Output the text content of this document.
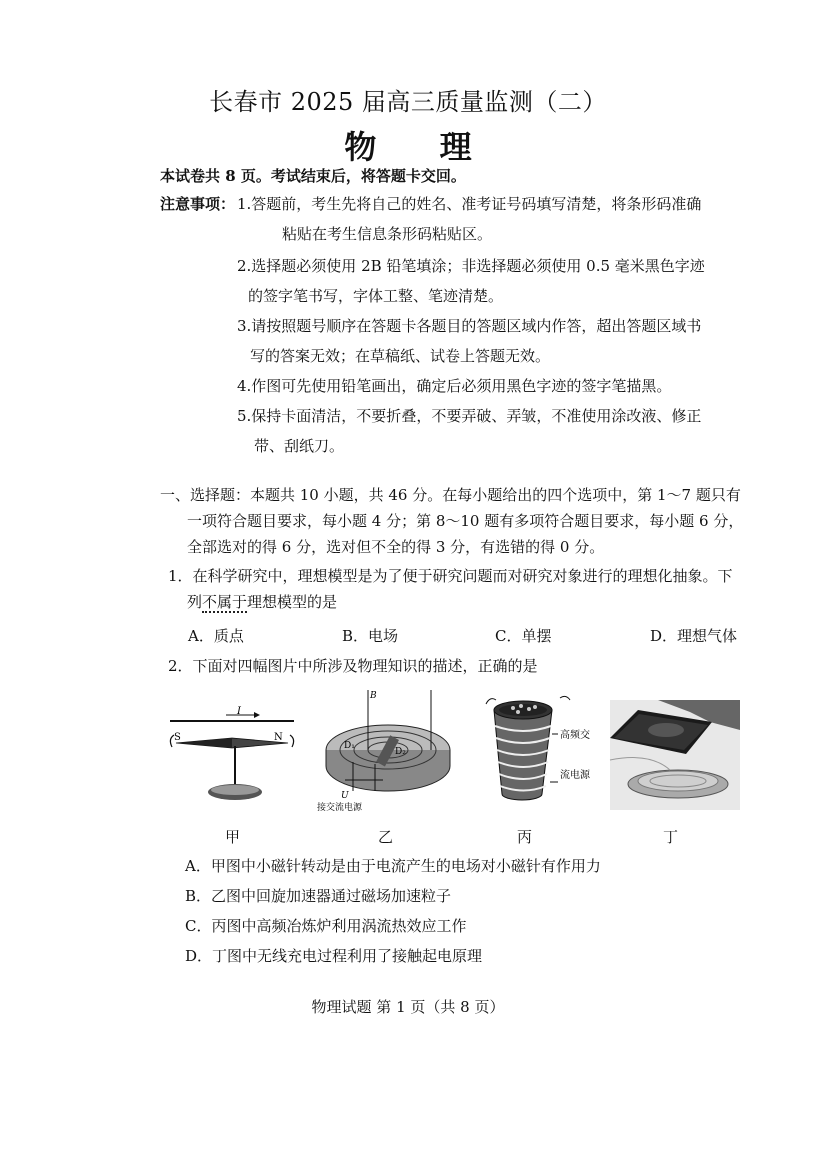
长春市 2025 届高三质量监测（二）
物 理
本试卷共 8 页。考试结束后，将答题卡交回。
注意事项： 1.答题前，考生先将自己的姓名、准考证号码填写清楚，将条形码准确
粘贴在考生信息条形码粘贴区。
2.选择题必须使用 2B 铅笔填涂；非选择题必须使用 0.5 毫米黑色字迹
的签字笔书写，字体工整、笔迹清楚。
3.请按照题号顺序在答题卡各题目的答题区域内作答，超出答题区域书
写的答案无效；在草稿纸、试卷上答题无效。
4.作图可先使用铅笔画出，确定后必须用黑色字迹的签字笔描黑。
5.保持卡面清洁，不要折叠，不要弄破、弄皱，不准使用涂改液、修正
带、刮纸刀。
一、选择题：本题共 10 小题，共 46 分。在每小题给出的四个选项中，第 1～7 题只有
一项符合题目要求，每小题 4 分；第 8～10 题有多项符合题目要求，每小题 6 分，
全部选对的得 6 分，选对但不全的得 3 分，有选错的得 0 分。
1．在科学研究中，理想模型是为了便于研究问题而对研究对象进行的理想化抽象。下
列不属于理想模型的是
A．质点	B．电场	C．单摆	D．理想气体
2．下面对四幅图片中所涉及物理知识的描述，正确的是
I
S	N
甲
B
D₁
D₂
U
接交流电源
乙
高频交
流电源
丙	丁
A．甲图中小磁针转动是由于电流产生的电场对小磁针有作用力
B．乙图中回旋加速器通过磁场加速粒子
C．丙图中高频冶炼炉利用涡流热效应工作
D．丁图中无线充电过程利用了接触起电原理
物理试题 第 1 页（共 8 页）
